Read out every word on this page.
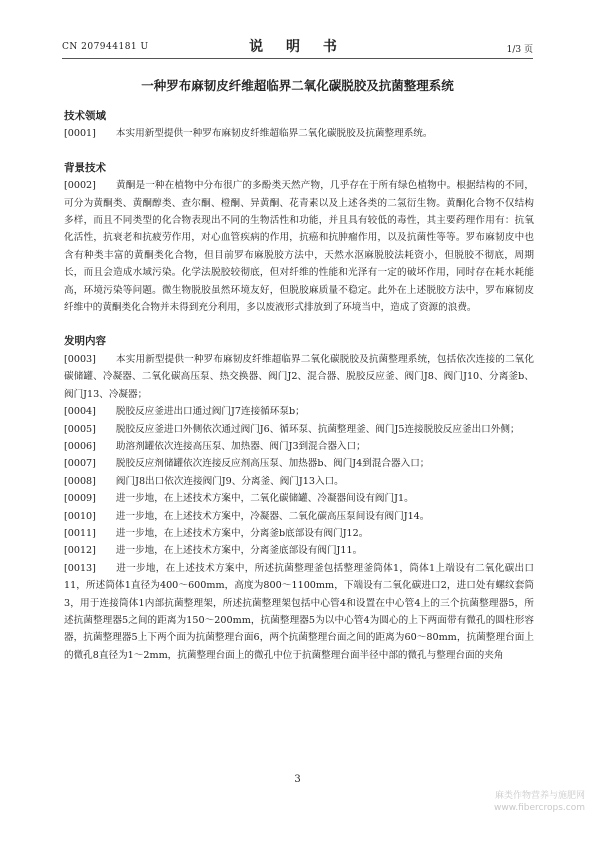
CN 207944181 U	说 明 书	1/3 页
一种罗布麻韧皮纤维超临界二氧化碳脱胶及抗菌整理系统

技术领域

[0001] 本实用新型提供一种罗布麻韧皮纤维超临界二氧化碳脱胶及抗菌整理系统。

背景技术

[0002] 黄酮是一种在植物中分布很广的多酚类天然产物，几乎存在于所有绿色植物中。根据结构的不同，可分为黄酮类、黄酮醇类、查尔酮、橙酮、异黄酮、花青素以及上述各类的二氢衍生物。黄酮化合物不仅结构多样，而且不同类型的化合物表现出不同的生物活性和功能，并且具有较低的毒性，其主要药理作用有：抗氧化活性，抗衰老和抗疲劳作用，对心血管疾病的作用，抗癌和抗肿瘤作用，以及抗菌性等等。罗布麻韧皮中也含有种类丰富的黄酮类化合物，但目前罗布麻脱胶方法中，天然水沤麻脱胶法耗资小，但脱胶不彻底，周期长，而且会造成水域污染。化学法脱胶较彻底，但对纤维的性能和光泽有一定的破坏作用，同时存在耗水耗能高，环境污染等问题。微生物脱胶虽然环境友好，但脱胶麻质量不稳定。此外在上述脱胶方法中，罗布麻韧皮纤维中的黄酮类化合物并未得到充分利用，多以废液形式排放到了环境当中，造成了资源的浪费。

发明内容

[0003] 本实用新型提供一种罗布麻韧皮纤维超临界二氧化碳脱胶及抗菌整理系统，包括依次连接的二氧化碳储罐、冷凝器、二氧化碳高压泵、热交换器、阀门J2、混合器、脱胶反应釜、阀门J8、阀门J10、分离釜b、阀门J13、冷凝器；

[0004] 脱胶反应釜进出口通过阀门J7连接循环泵b；

[0005] 脱胶反应釜进口外侧依次通过阀门J6、循环泵、抗菌整理釜、阀门J5连接脱胶反应釜出口外侧；

[0006] 助溶剂罐依次连接高压泵、加热器、阀门J3到混合器入口；

[0007] 脱胶反应剂储罐依次连接反应剂高压泵、加热器b、阀门J4到混合器入口；

[0008] 阀门J8出口依次连接阀门J9、分离釜、阀门J13入口。

[0009] 进一步地，在上述技术方案中，二氧化碳储罐、冷凝器间设有阀门J1。

[0010] 进一步地，在上述技术方案中，冷凝器、二氧化碳高压泵间设有阀门J14。

[0011] 进一步地，在上述技术方案中，分离釜b底部设有阀门J12。

[0012] 进一步地，在上述技术方案中，分离釜底部设有阀门J11。

[0013] 进一步地，在上述技术方案中，所述抗菌整理釜包括整理釜筒体1，筒体1上端设有二氧化碳出口11，所述筒体1直径为400～600mm，高度为800～1100mm，下端设有二氧化碳进口2，进口处有螺纹套筒3，用于连接筒体1内部抗菌整理架，所述抗菌整理架包括中心管4和设置在中心管4上的三个抗菌整理器5，所述抗菌整理器5之间的距离为150～200mm，抗菌整理器5为以中心管4为圆心的上下两面带有微孔的圆柱形容器，抗菌整理器5上下两个面为抗菌整理台面6，两个抗菌整理台面之间的距离为60～80mm，抗菌整理台面上的微孔8直径为1～2mm，抗菌整理台面上的微孔中位于抗菌整理台面半径中部的微孔与整理台面的夹角

3
麻类作物营养与施肥网
www.fibercrops.com
